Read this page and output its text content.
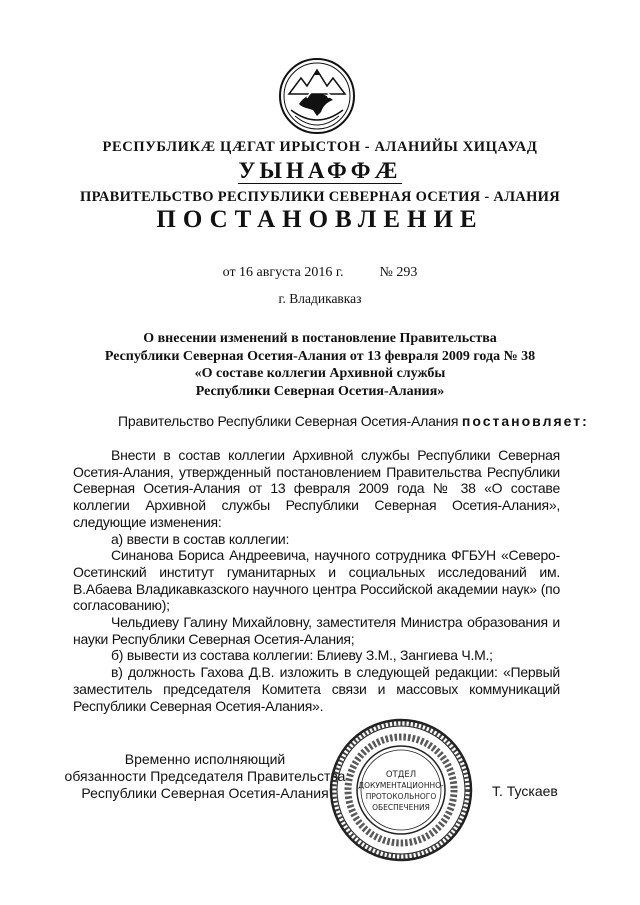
РЕСПУБЛИКӔ ЦӔГАТ ИРЫСТОН - АЛАНИЙЫ ХИЦАУАД
УЫНАФФӔ
ПРАВИТЕЛЬСТВО РЕСПУБЛИКИ СЕВЕРНАЯ ОСЕТИЯ - АЛАНИЯ
ПОСТАНОВЛЕНИЕ
от 16 августа 2016 г.	№ 293
г. Владикавказ
О внесении изменений в постановление Правительства
Республики Северная Осетия-Алания от 13 февраля 2009 года № 38
«О составе коллегии Архивной службы
Республики Северная Осетия-Алания»
Правительство Республики Северная Осетия-Алания постановляет:

Внести в состав коллегии Архивной службы Республики Северная Осетия-Алания, утвержденный постановлением Правительства Республики Северная Осетия-Алания от 13 февраля 2009 года № 38 «О составе коллегии Архивной службы Республики Северная Осетия-Алания», следующие изменения:

а) ввести в состав коллегии:

Синанова Бориса Андреевича, научного сотрудника ФГБУН «Северо-Осетинский институт гуманитарных и социальных исследований им. В.Абаева Владикавказского научного центра Российской академии наук» (по согласованию);

Чельдиеву Галину Михайловну, заместителя Министра образования и науки Республики Северная Осетия-Алания;

б) вывести из состава коллегии: Блиеву З.М., Зангиева Ч.М.;

в) должность Гахова Д.В. изложить в следующей редакции: «Первый заместитель председателя Комитета связи и массовых коммуникаций Республики Северная Осетия-Алания».

Временно исполняющий
обязанности Председателя Правительства
Республики Северная Осетия-Алания
ОТДЕЛ
ДОКУМЕНТАЦИОННО-
ПРОТОКОЛЬНОГО
ОБЕСПЕЧЕНИЯ
Т. Тускаев
